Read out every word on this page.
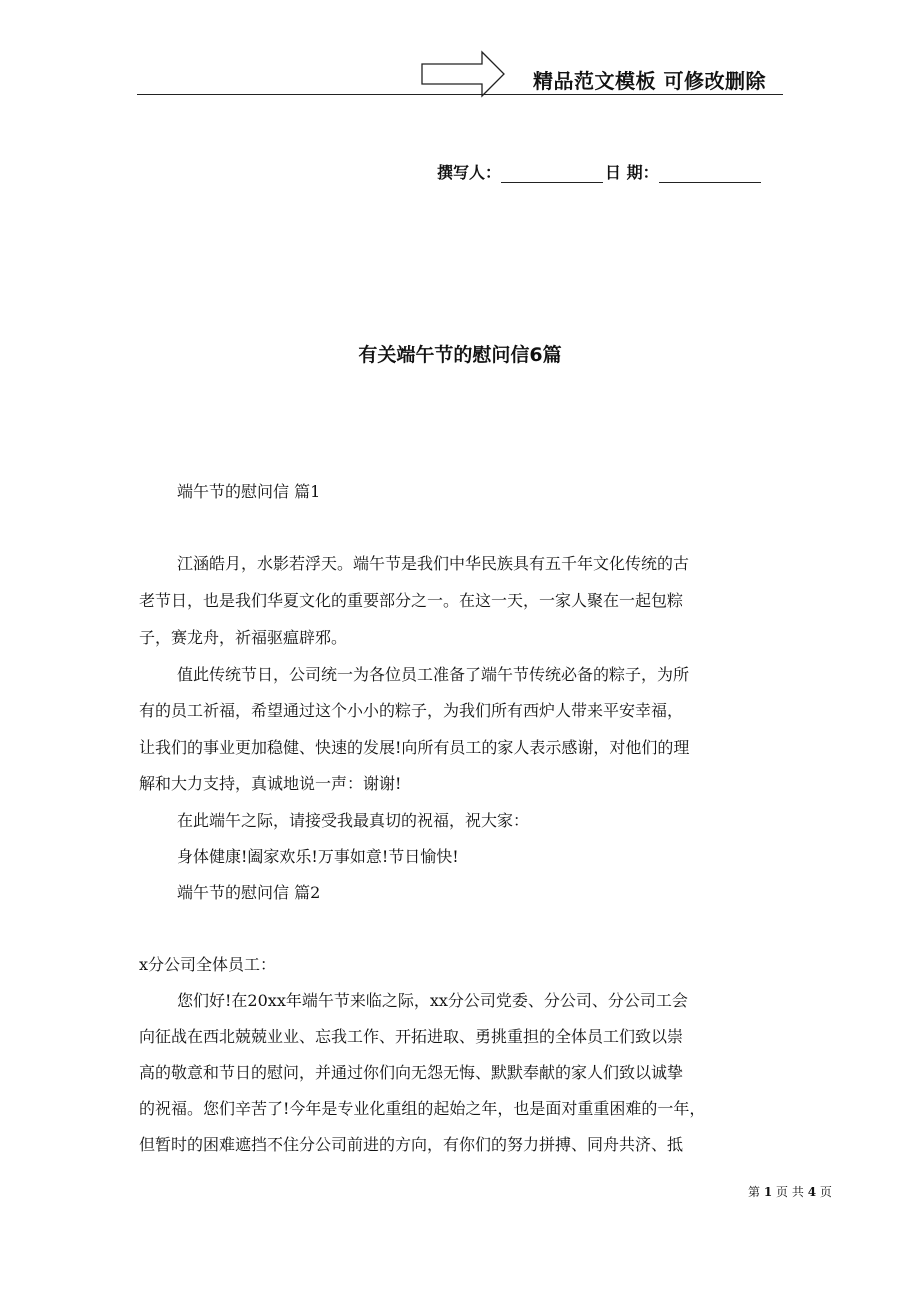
精品范文模板 可修改删除
撰写人：	日 期：
有关端午节的慰问信6篇
端午节的慰问信 篇1
江涵皓月，水影若浮天。端午节是我们中华民族具有五千年文化传统的古
老节日，也是我们华夏文化的重要部分之一。在这一天，一家人聚在一起包粽
子，赛龙舟，祈福驱瘟辟邪。
值此传统节日，公司统一为各位员工准备了端午节传统必备的粽子，为所
有的员工祈福，希望通过这个小小的粽子，为我们所有西炉人带来平安幸福，
让我们的事业更加稳健、快速的发展!向所有员工的家人表示感谢，对他们的理
解和大力支持，真诚地说一声：谢谢!
在此端午之际，请接受我最真切的祝福，祝大家：
身体健康!阖家欢乐!万事如意!节日愉快!
端午节的慰问信 篇2
x分公司全体员工：
您们好!在20xx年端午节来临之际，xx分公司党委、分公司、分公司工会
向征战在西北兢兢业业、忘我工作、开拓进取、勇挑重担的全体员工们致以崇
高的敬意和节日的慰问，并通过你们向无怨无悔、默默奉献的家人们致以诚挚
的祝福。您们辛苦了!今年是专业化重组的起始之年，也是面对重重困难的一年，
但暂时的困难遮挡不住分公司前进的方向，有你们的努力拼搏、同舟共济、抵
第 1 页 共 4 页
